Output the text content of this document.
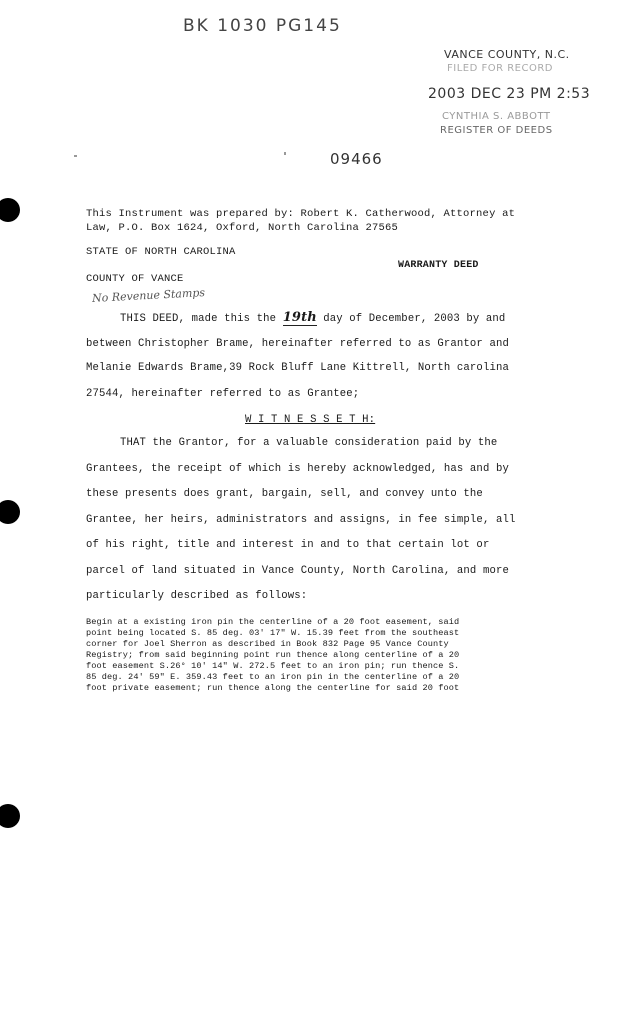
BK 1030 PG145
VANCE COUNTY, N.C.
FILED FOR RECORD
2003 DEC 23 PM 2:53
CYNTHIA S. ABBOTT
REGISTER OF DEEDS
09466
This Instrument was prepared by: Robert K. Catherwood, Attorney at
Law, P.O. Box 1624, Oxford, North Carolina 27565
STATE OF NORTH CAROLINA
WARRANTY DEED
COUNTY OF VANCE
No Revenue Stamps
THIS DEED, made this the 19th day of December, 2003 by and
between Christopher Brame, hereinafter referred to as Grantor and
Melanie Edwards Brame,39 Rock Bluff Lane Kittrell, North carolina
27544, hereinafter referred to as Grantee;
W I T N E S S E T H:
THAT the Grantor, for a valuable consideration paid by the
Grantees, the receipt of which is hereby acknowledged, has and by
these presents does grant, bargain, sell, and convey unto the
Grantee, her heirs, administrators and assigns, in fee simple, all
of his right, title and interest in and to that certain lot or
parcel of land situated in Vance County, North Carolina, and more
particularly described as follows:
Begin at a existing iron pin the centerline of a 20 foot easement, said
point being located S. 85 deg. 03' 17" W. 15.39 feet from the southeast
corner for Joel Sherron as described in Book 832 Page 95 Vance County
Registry; from said beginning point run thence along centerline of a 20
foot easement S.26° 10' 14" W. 272.5 feet to an iron pin; run thence S.
85 deg. 24' 59" E. 359.43 feet to an iron pin in the centerline of a 20
foot private easement; run thence along the centerline for said 20 foot
